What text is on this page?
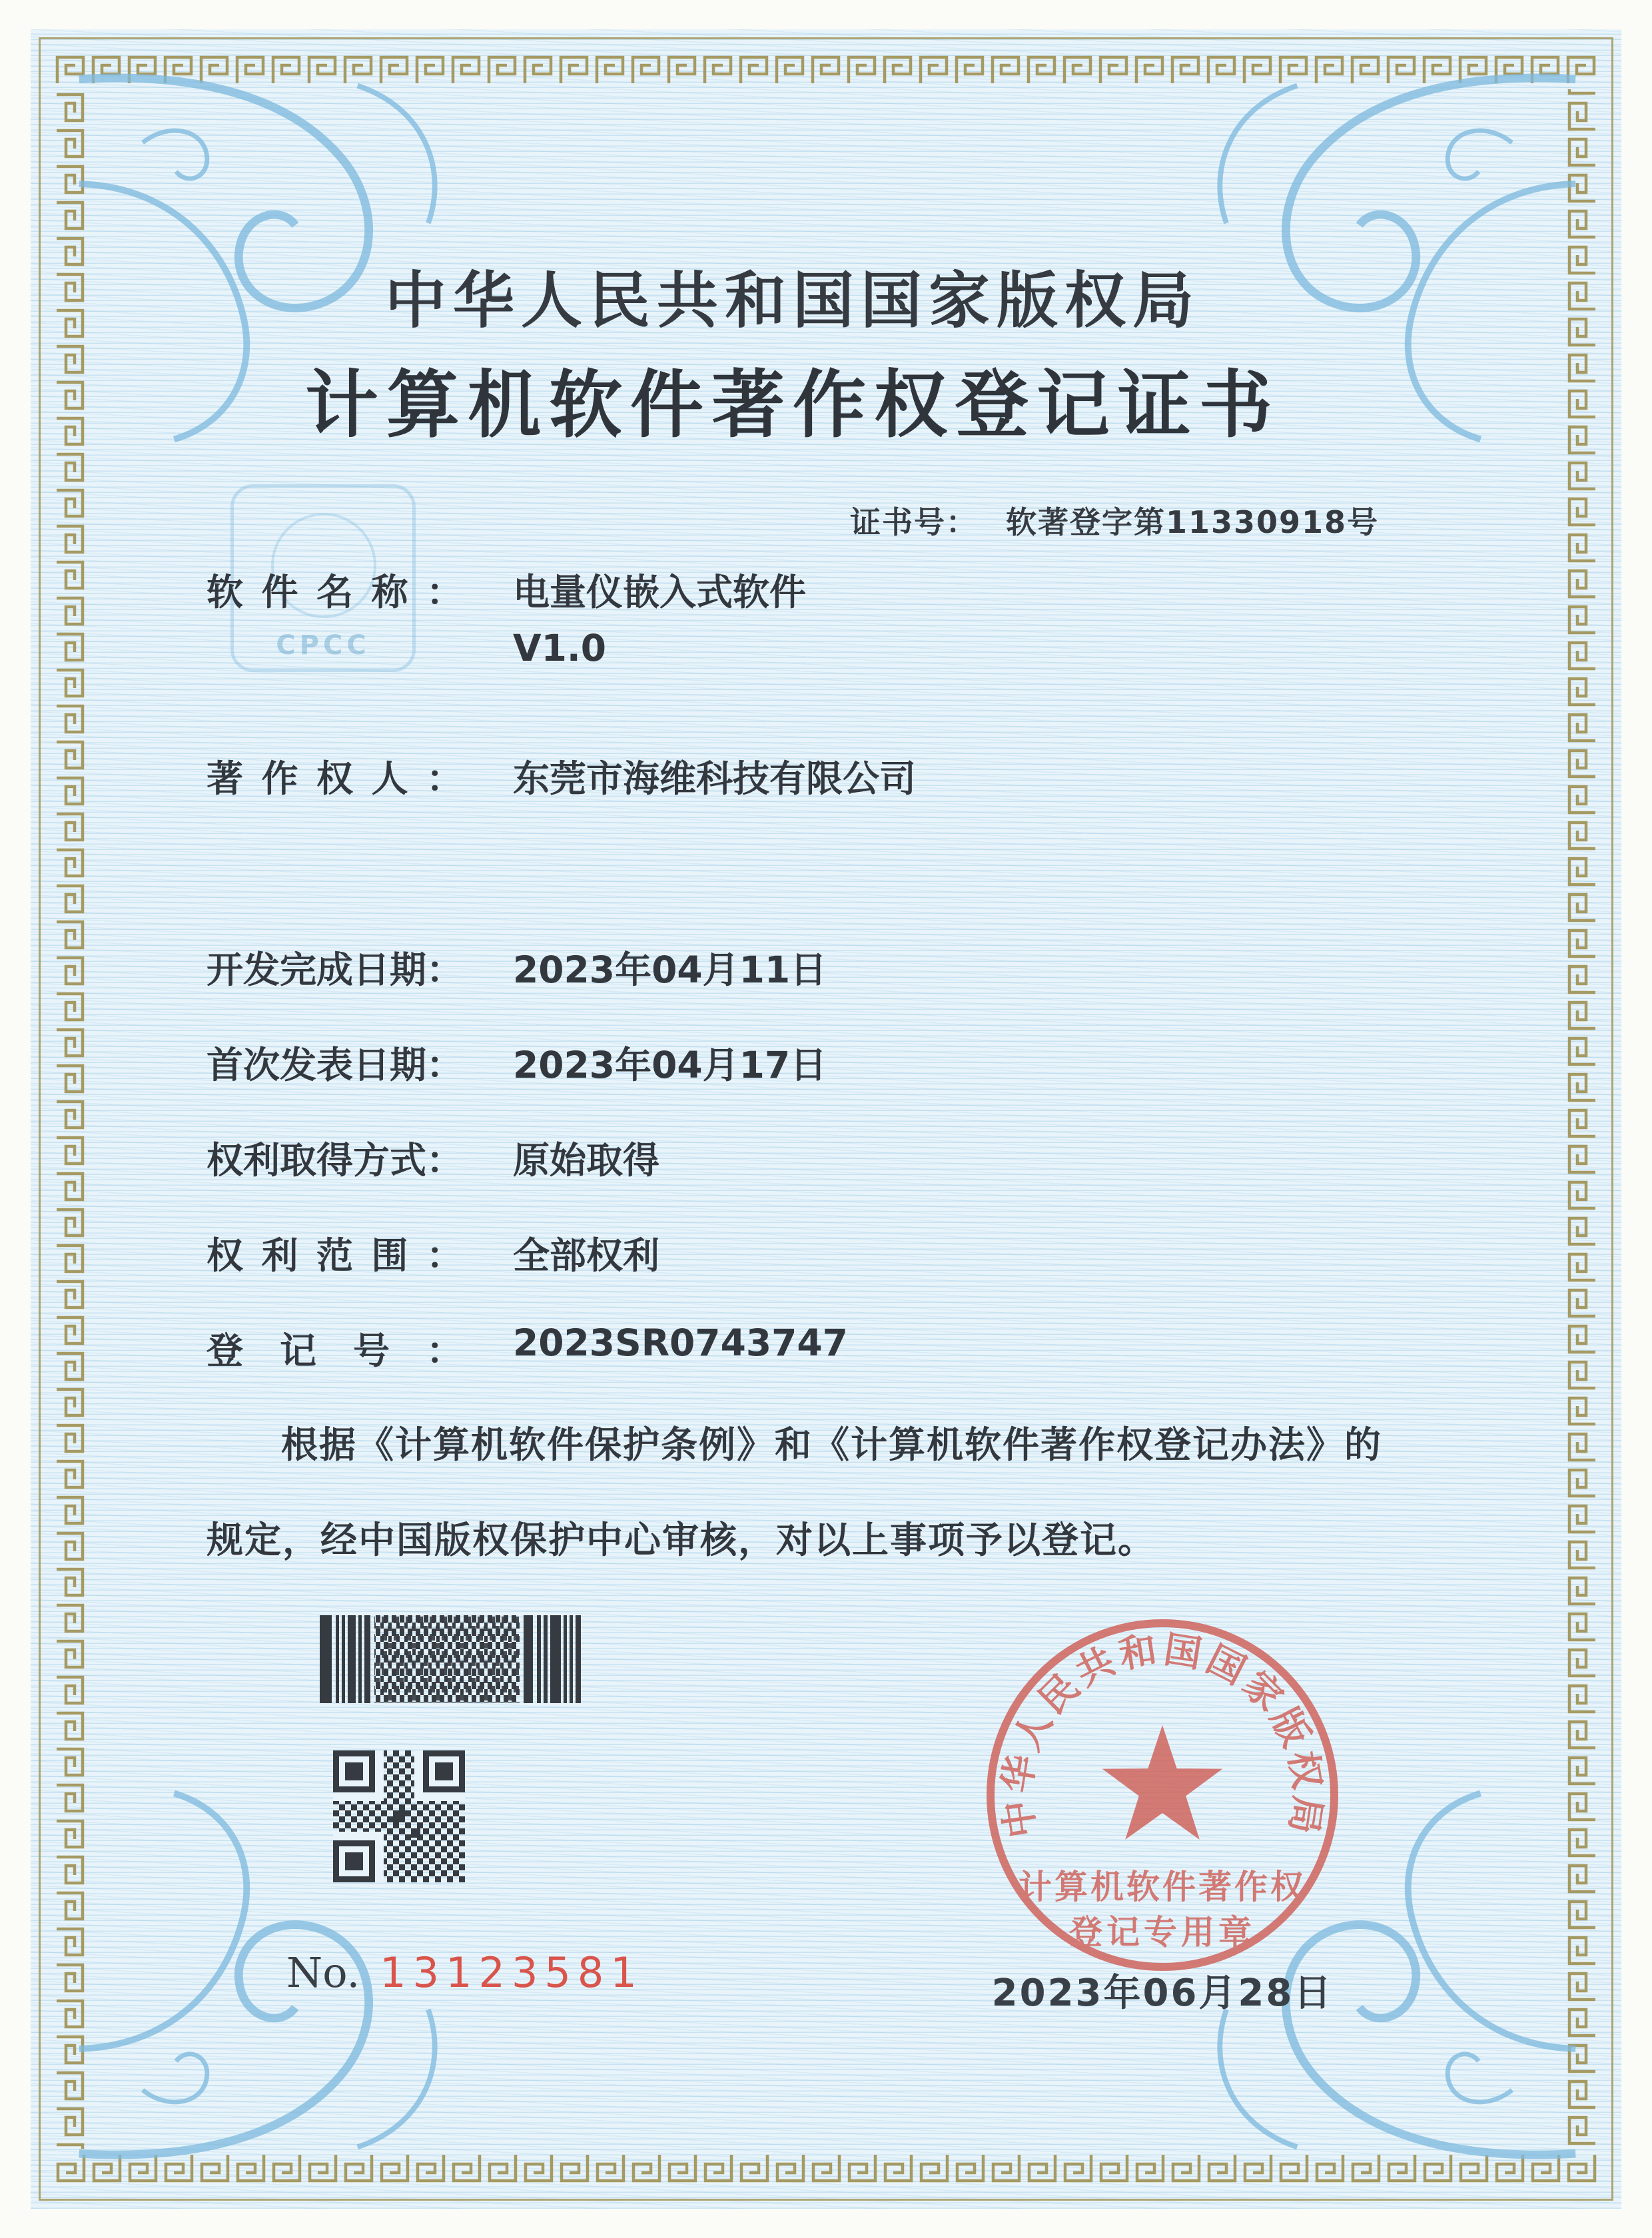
CPCC
中华人民共和国国家版权局
计算机软件著作权登记证书
证书号： 软著登字第11330918号
软件名称： 电量仪嵌入式软件
V1.0
著作权人： 东莞市海维科技有限公司
开发完成日期： 2023年04月11日
首次发表日期： 2023年04月17日
权利取得方式： 原始取得
权利范围： 全部权利
登记号： 2023SR0743747
根据《计算机软件保护条例》和《计算机软件著作权登记办法》的
规定，经中国版权保护中心审核，对以上事项予以登记。
No. 13123581
中华人民共和国国家版权局
计算机软件著作权
登记专用章
2023年06月28日
